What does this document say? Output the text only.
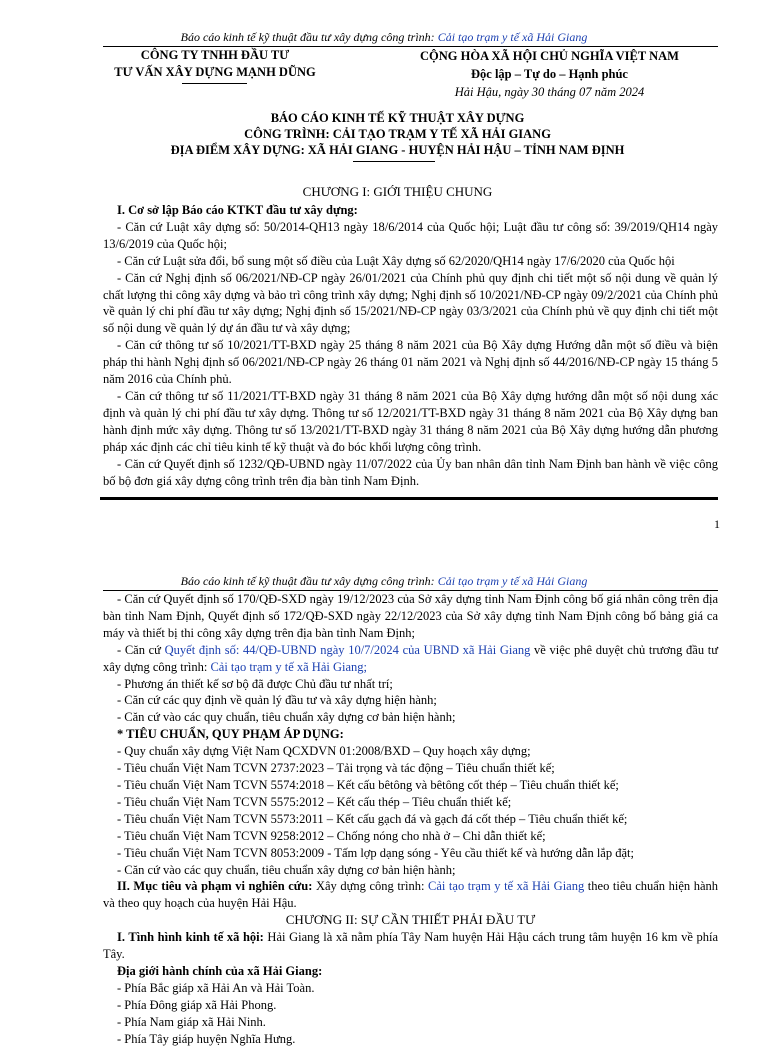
Báo cáo kinh tế kỹ thuật đầu tư xây dựng công trình: Cải tạo trạm y tế xã Hải Giang
CÔNG TY TNHH ĐẦU TƯ
TƯ VẤN XÂY DỰNG MẠNH DŨNG
CỘNG HÒA XÃ HỘI CHỦ NGHĨA VIỆT NAM
Độc lập – Tự do – Hạnh phúc
Hải Hậu, ngày 30 tháng 07 năm 2024
BÁO CÁO KINH TẾ KỸ THUẬT XÂY DỰNG
CÔNG TRÌNH: CẢI TẠO TRẠM Y TẾ XÃ HẢI GIANG
ĐỊA ĐIỂM XÂY DỰNG: XÃ HẢI GIANG - HUYỆN HẢI HẬU – TỈNH NAM ĐỊNH
CHƯƠNG I: GIỚI THIỆU CHUNG

I. Cơ sở lập Báo cáo KTKT đầu tư xây dựng:

- Căn cứ Luật xây dựng số: 50/2014-QH13 ngày 18/6/2014 của Quốc hội; Luật đầu tư công số: 39/2019/QH14 ngày 13/6/2019 của Quốc hội;

- Căn cứ Luật sửa đổi, bổ sung một số điều của Luật Xây dựng số 62/2020/QH14 ngày 17/6/2020 của Quốc hội

- Căn cứ Nghị định số 06/2021/NĐ-CP ngày 26/01/2021 của Chính phủ quy định chi tiết một số nội dung về quản lý chất lượng thi công xây dựng và bảo trì công trình xây dựng; Nghị định số 10/2021/NĐ-CP ngày 09/2/2021 của Chính phủ về quản lý chi phí đầu tư xây dựng; Nghị định số 15/2021/NĐ-CP ngày 03/3/2021 của Chính phủ về quy định chi tiết một số nội dung về quản lý dự án đầu tư và xây dựng;

- Căn cứ thông tư số 10/2021/TT-BXD ngày 25 tháng 8 năm 2021 của Bộ Xây dựng Hướng dẫn một số điều và biện pháp thi hành Nghị định số 06/2021/NĐ-CP ngày 26 tháng 01 năm 2021 và Nghị định số 44/2016/NĐ-CP ngày 15 tháng 5 năm 2016 của Chính phủ.

- Căn cứ thông tư số 11/2021/TT-BXD ngày 31 tháng 8 năm 2021 của Bộ Xây dựng hướng dẫn một số nội dung xác định và quản lý chi phí đầu tư xây dựng. Thông tư số 12/2021/TT-BXD ngày 31 tháng 8 năm 2021 của Bộ Xây dựng ban hành định mức xây dựng. Thông tư số 13/2021/TT-BXD ngày 31 tháng 8 năm 2021 của Bộ Xây dựng hướng dẫn phương pháp xác định các chỉ tiêu kinh tế kỹ thuật và đo bóc khối lượng công trình.

- Căn cứ Quyết định số 1232/QĐ-UBND ngày 11/07/2022 của Ủy ban nhân dân tỉnh Nam Định ban hành về việc công bố bộ đơn giá xây dựng công trình trên địa bàn tỉnh Nam Định.

1
Báo cáo kinh tế kỹ thuật đầu tư xây dựng công trình: Cải tạo trạm y tế xã Hải Giang

- Căn cứ Quyết định số 170/QĐ-SXD ngày 19/12/2023 của Sở xây dựng tỉnh Nam Định công bố giá nhân công trên địa bàn tỉnh Nam Định, Quyết định số 172/QĐ-SXD ngày 22/12/2023 của Sở xây dựng tỉnh Nam Định công bố bảng giá ca máy và thiết bị thi công xây dựng trên địa bàn tỉnh Nam Định;

- Căn cứ Quyết định số: 44/QĐ-UBND ngày 10/7/2024 của UBND xã Hải Giang về việc phê duyệt chủ trương đầu tư xây dựng công trình: Cải tạo trạm y tế xã Hải Giang;

- Phương án thiết kế sơ bộ đã được Chủ đầu tư nhất trí;

- Căn cứ các quy định về quản lý đầu tư và xây dựng hiện hành;

- Căn cứ vào các quy chuẩn, tiêu chuẩn xây dựng cơ bản hiện hành;

* TIÊU CHUẨN, QUY PHẠM ÁP DỤNG:

- Quy chuẩn xây dựng Việt Nam QCXDVN 01:2008/BXD – Quy hoạch xây dựng;

- Tiêu chuẩn Việt Nam TCVN 2737:2023 – Tải trọng và tác động – Tiêu chuẩn thiết kế;

- Tiêu chuẩn Việt Nam TCVN 5574:2018 – Kết cấu bêtông và bêtông cốt thép – Tiêu chuẩn thiết kế;

- Tiêu chuẩn Việt Nam TCVN 5575:2012 – Kết cấu thép – Tiêu chuẩn thiết kế;

- Tiêu chuẩn Việt Nam TCVN 5573:2011 – Kết cấu gạch đá và gạch đá cốt thép – Tiêu chuẩn thiết kế;

- Tiêu chuẩn Việt Nam TCVN 9258:2012 – Chống nóng cho nhà ở – Chỉ dẫn thiết kế;

- Tiêu chuẩn Việt Nam TCVN 8053:2009 - Tấm lợp dạng sóng - Yêu cầu thiết kế và hướng dẫn lắp đặt;

- Căn cứ vào các quy chuẩn, tiêu chuẩn xây dựng cơ bản hiện hành;

II. Mục tiêu và phạm vi nghiên cứu: Xây dựng công trình: Cải tạo trạm y tế xã Hải Giang theo tiêu chuẩn hiện hành và theo quy hoạch của huyện Hải Hậu.

CHƯƠNG II: SỰ CẦN THIẾT PHẢI ĐẦU TƯ

I. Tình hình kinh tế xã hội: Hải Giang là xã nằm phía Tây Nam huyện Hải Hậu cách trung tâm huyện 16 km về phía Tây.

Địa giới hành chính của xã Hải Giang:

- Phía Bắc giáp xã Hải An và Hải Toàn.

- Phía Đông giáp xã Hải Phong.

- Phía Nam giáp xã Hải Ninh.

- Phía Tây giáp huyện Nghĩa Hưng.
